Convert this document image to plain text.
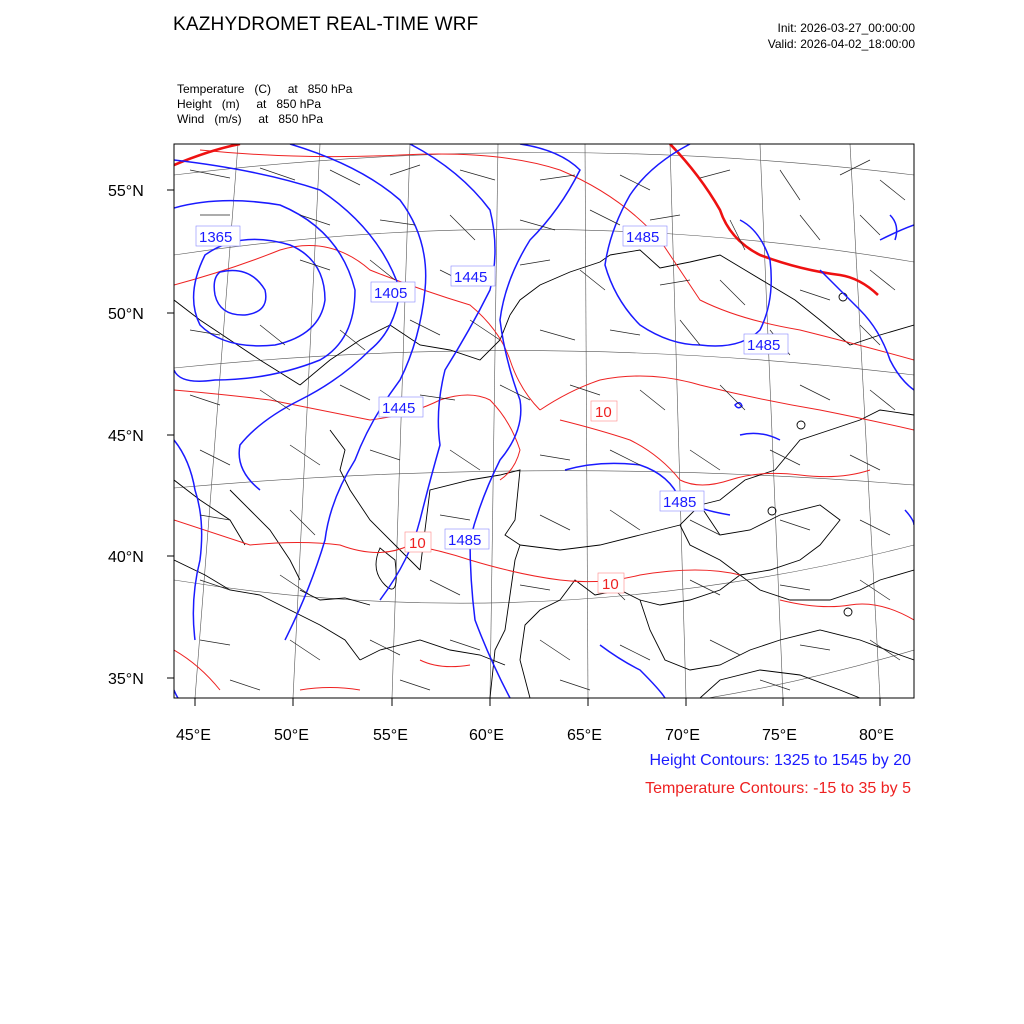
KAZHYDROMET REAL-TIME WRF	Init: 2026-03-27_00:00:00
Valid: 2026-04-02_18:00:00
Temperature   (C)     at   850 hPa
Height   (m)     at   850 hPa
Wind   (m/s)     at   850 hPa
1365
1405
1445
1485
1445
1485
1485
1485
10
10
10
55°N
50°N
45°N
40°N
35°N
45°E	50°E	55°E	60°E	65°E	70°E	75°E	80°E
Height Contours: 1325 to 1545 by 20
Temperature Contours: -15 to 35 by 5
